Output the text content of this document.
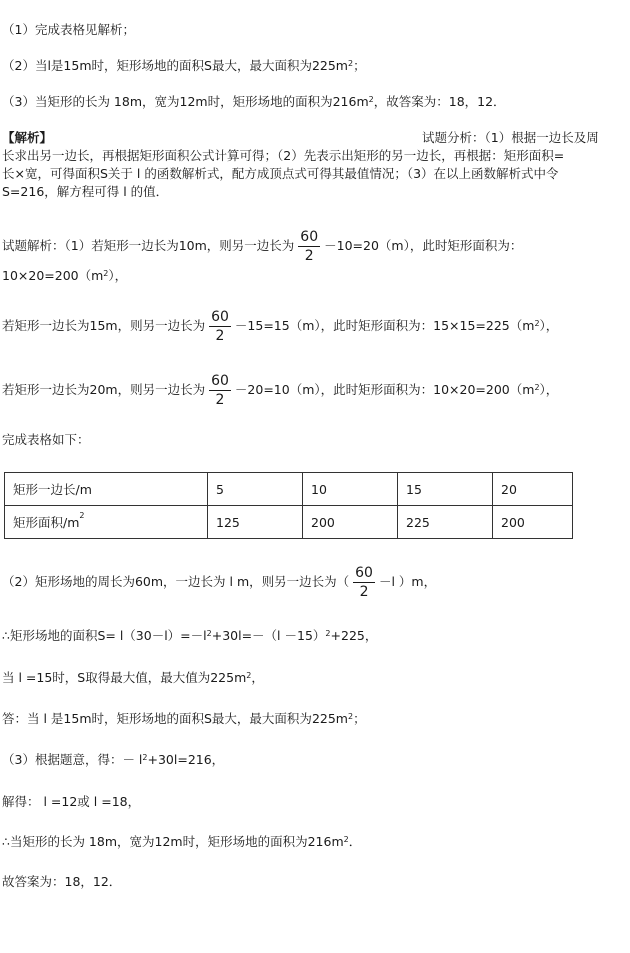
（1）完成表格见解析；
（2）当l是15m时，矩形场地的面积S最大，最大面积为$225m^2$；
（3）当矩形的长为 18m，宽为12m时，矩形场地的面积为$216m^2$，故答案为：18，12．
【解析】	试题分析：（1）根据一边长及周
长求出另一边长，再根据矩形面积公式计算可得；（2）先表示出矩形的另一边长，再根据：矩形面积=
长×宽，可得面积S关于 l 的函数解析式，配方成顶点式可得其最值情况；（3）在以上函数解析式中令
S=216，解方程可得 l 的值．
试题解析：（1）若矩形一边长为10m，则另一边长为 $\frac{60}{2} -10=20(m)$，此时矩形面积为：
$10\times 20=200(m^2)$，
若矩形一边长为15m，则另一边长为 $\frac{60}{2} -15=15(m)$，此时矩形面积为：$15\times 15=225(m^2)$，
若矩形一边长为20m，则另一边长为 $\frac{60}{2} -20=10(m)$，此时矩形面积为：$10\times 20=200(m^2)$，
完成表格如下：
矩形一边长/m	5	10	15	20
矩形面积$/m^2$	125	200	225	200
（2）矩形场地的周长为60m，一边长为 l m，则另一边长为（ $\frac{60}{2} -l$ ）m，
∴矩形场地的面积$S= l(30-l)=-l^2+30l=-(l -15)^2+225$，
当 l =15时，S取得最大值，最大值为$225m^2$，
答：当 l 是15m时，矩形场地的面积S最大，最大面积为$225m^2$；
（3）根据题意，得：－ $l^2+30l=216$，
解得： l =12或 l =18，
∴当矩形的长为 18m，宽为12m时，矩形场地的面积为$216m^2$．
故答案为：18，12．
